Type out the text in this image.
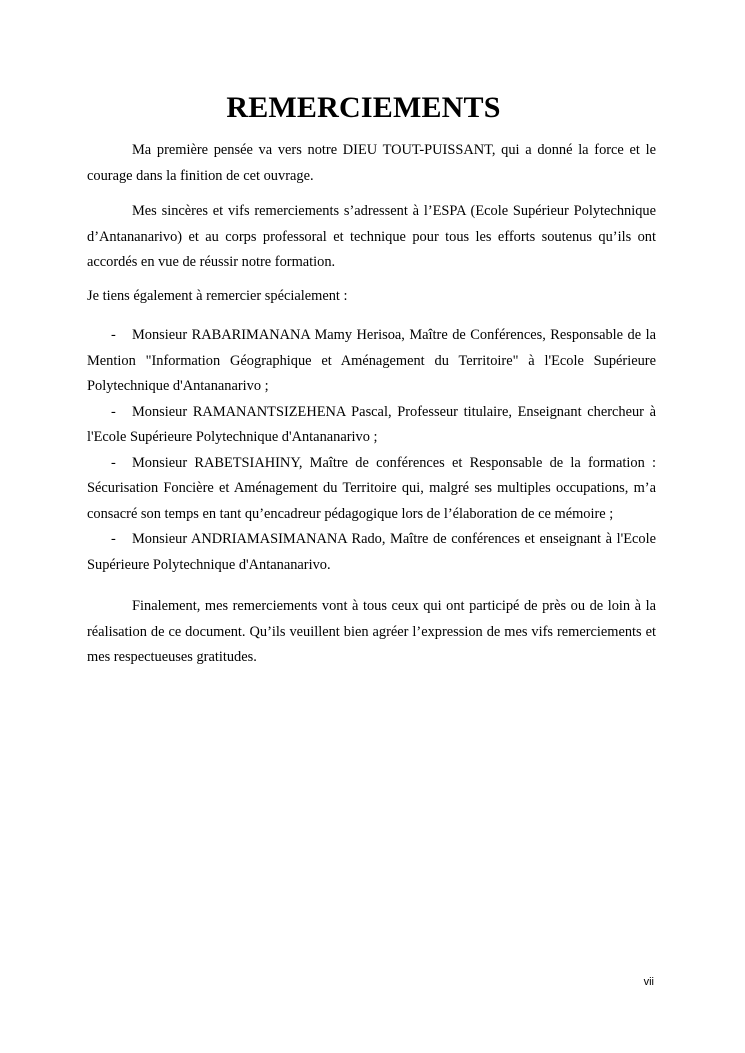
REMERCIEMENTS

Ma première pensée va vers notre DIEU TOUT-PUISSANT, qui a donné la force et le courage dans la finition de cet ouvrage.

Mes sincères et vifs remerciements s’adressent à l’ESPA (Ecole Supérieur Polytechnique d’Antananarivo) et au corps professoral et technique pour tous les efforts soutenus qu’ils ont accordés en vue de réussir notre formation.

Je tiens également à remercier spécialement :

- Monsieur RABARIMANANA Mamy Herisoa, Maître de Conférences, Responsable de la Mention "Information Géographique et Aménagement du Territoire" à l'Ecole Supérieure Polytechnique d'Antananarivo ;
- Monsieur RAMANANTSIZEHENA Pascal, Professeur titulaire, Enseignant chercheur à l'Ecole Supérieure Polytechnique d'Antananarivo ;
- Monsieur RABETSIAHINY, Maître de conférences et Responsable de la formation : Sécurisation Foncière et Aménagement du Territoire qui, malgré ses multiples occupations, m’a consacré son temps en tant qu’encadreur pédagogique lors de l’élaboration de ce mémoire ;
- Monsieur ANDRIAMASIMANANA Rado, Maître de conférences et enseignant à l'Ecole Supérieure Polytechnique d'Antananarivo.

Finalement, mes remerciements vont à tous ceux qui ont participé de près ou de loin à la réalisation de ce document. Qu’ils veuillent bien agréer l’expression de mes vifs remerciements et mes respectueuses gratitudes.

vii
